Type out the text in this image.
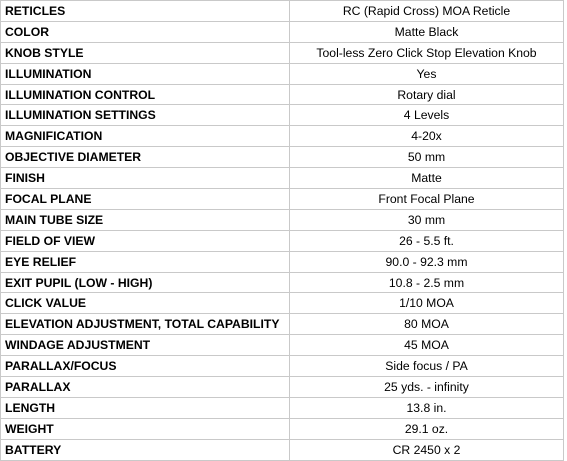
RETICLES	RC (Rapid Cross) MOA Reticle
COLOR	Matte Black
KNOB STYLE	Tool-less Zero Click Stop Elevation Knob
ILLUMINATION	Yes
ILLUMINATION CONTROL	Rotary dial
ILLUMINATION SETTINGS	4 Levels
MAGNIFICATION	4-20x
OBJECTIVE DIAMETER	50 mm
FINISH	Matte
FOCAL PLANE	Front Focal Plane
MAIN TUBE SIZE	30 mm
FIELD OF VIEW	26 - 5.5 ft.
EYE RELIEF	90.0 - 92.3 mm
EXIT PUPIL (LOW - HIGH)	10.8 - 2.5 mm
CLICK VALUE	1/10 MOA
ELEVATION ADJUSTMENT, TOTAL CAPABILITY	80 MOA
WINDAGE ADJUSTMENT	45 MOA
PARALLAX/FOCUS	Side focus / PA
PARALLAX	25 yds. - infinity
LENGTH	13.8 in.
WEIGHT	29.1 oz.
BATTERY	CR 2450 x 2
